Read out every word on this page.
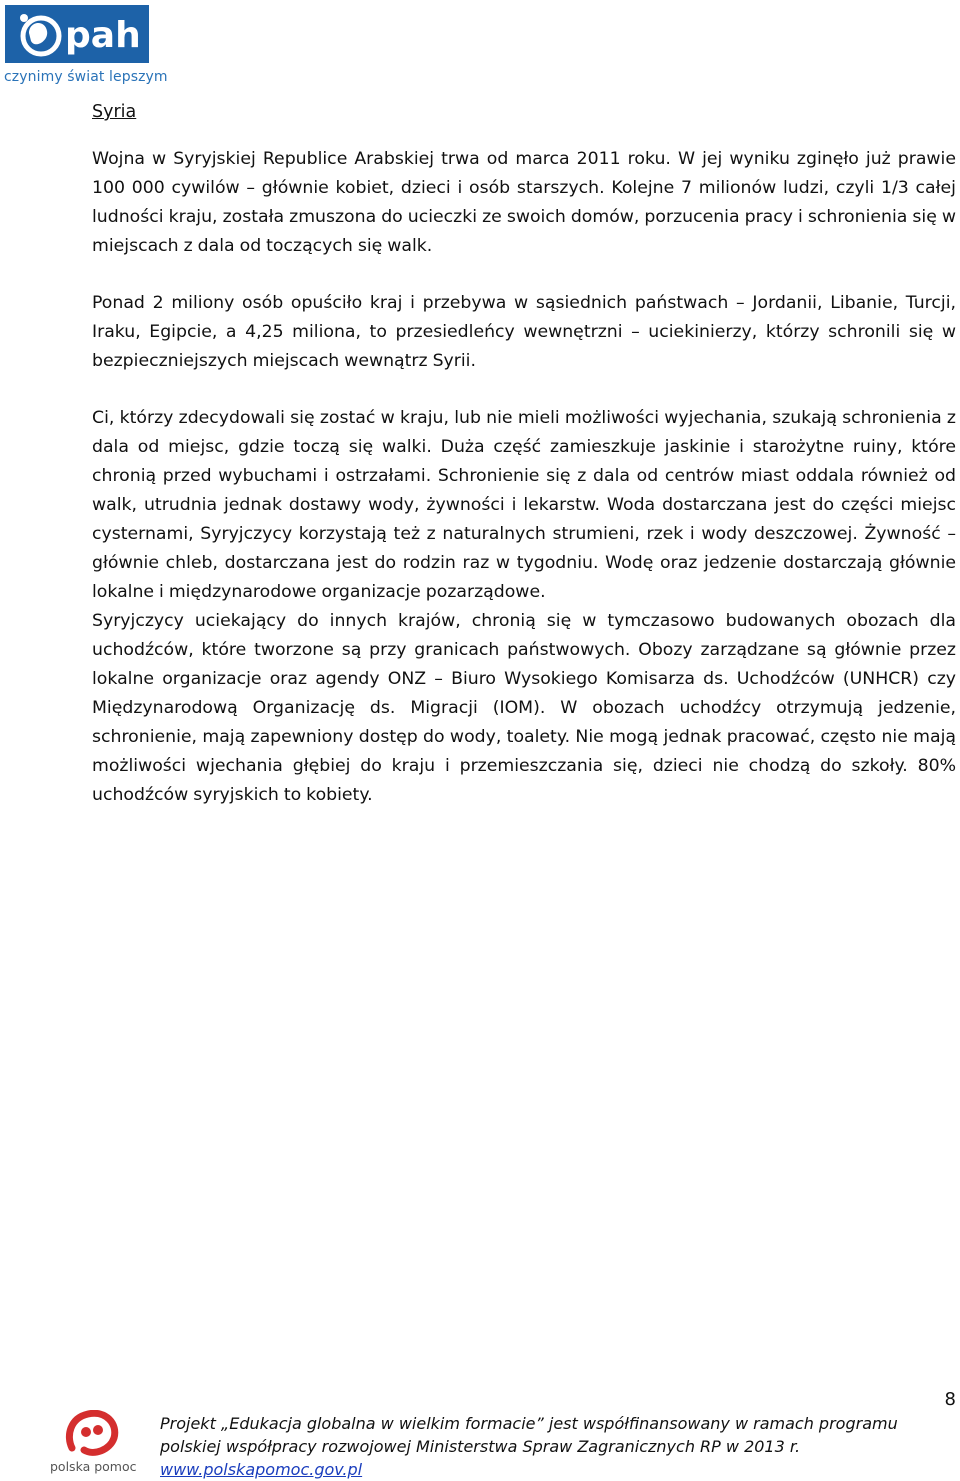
pah
czynimy świat lepszym
Syria

Wojna w Syryjskiej Republice Arabskiej trwa od marca 2011 roku. W jej wyniku zginęło już prawie 100 000 cywilów – głównie kobiet, dzieci i osób starszych. Kolejne 7 milionów ludzi, czyli 1/3 całej ludności kraju, została zmuszona do ucieczki ze swoich domów, porzucenia pracy i schronienia się w miejscach z dala od toczących się walk.

Ponad 2 miliony osób opuściło kraj i przebywa w sąsiednich państwach – Jordanii, Libanie, Turcji, Iraku, Egipcie, a 4,25 miliona, to przesiedleńcy wewnętrzni – uciekinierzy, którzy schronili się w bezpieczniejszych miejscach wewnątrz Syrii.

Ci, którzy zdecydowali się zostać w kraju, lub nie mieli możliwości wyjechania, szukają schronienia z dala od miejsc, gdzie toczą się walki. Duża część zamieszkuje jaskinie i starożytne ruiny, które chronią przed wybuchami i ostrzałami. Schronienie się z dala od centrów miast oddala również od walk, utrudnia jednak dostawy wody, żywności i lekarstw. Woda dostarczana jest do części miejsc cysternami, Syryjczycy korzystają też z naturalnych strumieni, rzek i wody deszczowej. Żywność – głównie chleb, dostarczana jest do rodzin raz w tygodniu. Wodę oraz jedzenie dostarczają głównie lokalne i międzynarodowe organizacje pozarządowe.

Syryjczycy uciekający do innych krajów, chronią się w tymczasowo budowanych obozach dla uchodźców, które tworzone są przy granicach państwowych. Obozy zarządzane są głównie przez lokalne organizacje oraz agendy ONZ – Biuro Wysokiego Komisarza ds. Uchodźców (UNHCR) czy Międzynarodową Organizację ds. Migracji (IOM). W obozach uchodźcy otrzymują jedzenie, schronienie, mają zapewniony dostęp do wody, toalety. Nie mogą jednak pracować, często nie mają możliwości wjechania głębiej do kraju i przemieszczania się, dzieci nie chodzą do szkoły. 80% uchodźców syryjskich to kobiety.

8
polska pomoc
Projekt „Edukacja globalna w wielkim formacie” jest współfinansowany w ramach programu polskiej współpracy rozwojowej Ministerstwa Spraw Zagranicznych RP w 2013 r. www.polskapomoc.gov.pl
